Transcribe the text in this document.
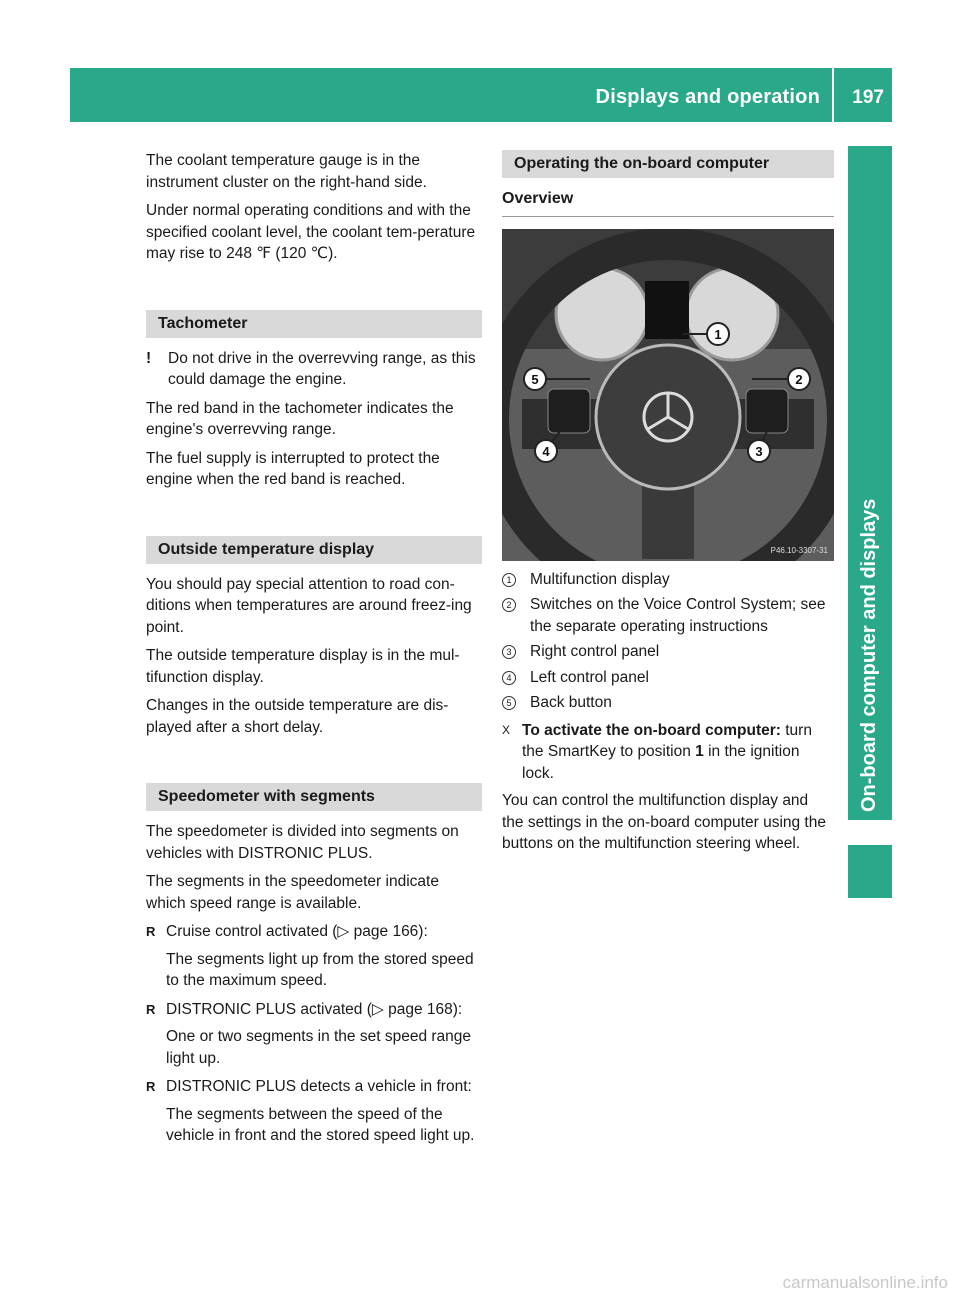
Displays and operation 197
On-board computer and displays

The coolant temperature gauge is in the instrument cluster on the right-hand side.

Under normal operating conditions and with the specified coolant level, the coolant tem-perature may rise to 248 ℉ (120 ℃).

Tachometer
!	Do not drive in the overrevving range, as this could damage the engine.

The red band in the tachometer indicates the engine's overrevving range.

The fuel supply is interrupted to protect the engine when the red band is reached.

Outside temperature display

You should pay special attention to road con-ditions when temperatures are around freez-ing point.

The outside temperature display is in the mul-tifunction display.

Changes in the outside temperature are dis-played after a short delay.

Speedometer with segments

The speedometer is divided into segments on vehicles with DISTRONIC PLUS.

The segments in the speedometer indicate which speed range is available.

R Cruise control activated (▷ page 166):
The segments light up from the stored speed to the maximum speed.
R DISTRONIC PLUS activated (▷ page 168):
One or two segments in the set speed range light up.
R DISTRONIC PLUS detects a vehicle in front:
The segments between the speed of the vehicle in front and the stored speed light up.
Operating the on-board computer
Overview
1
2
3
4
5
P46.10-3307-31
1 Multifunction display
2 Switches on the Voice Control System; see the separate operating instructions
3 Right control panel
4 Left control panel
5 Back button
X To activate the on-board computer: turn the SmartKey to position 1 in the ignition lock.

You can control the multifunction display and the settings in the on-board computer using the buttons on the multifunction steering wheel.

carmanualsonline.info
